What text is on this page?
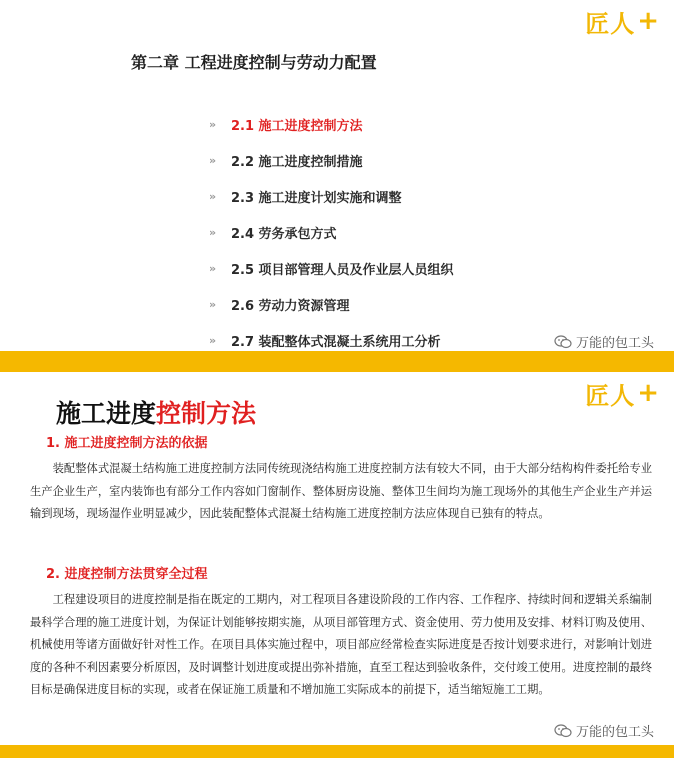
匠人 +
第二章 工程进度控制与劳动力配置
»	2.1 施工进度控制方法
»	2.2 施工进度控制措施
»	2.3 施工进度计划实施和调整
»	2.4 劳务承包方式
»	2.5 项目部管理人员及作业层人员组织
»	2.6 劳动力资源管理
»	2.7 装配整体式混凝土系统用工分析	万能的包工头
匠人 +
施工进度控制方法
1. 施工进度控制方法的依据

装配整体式混凝土结构施工进度控制方法同传统现浇结构施工进度控制方法有较大不同，由于大部分结构构件委托给专业生产企业生产，室内装饰也有部分工作内容如门窗制作、整体厨房设施、整体卫生间均为施工现场外的其他生产企业生产并运输到现场，现场湿作业明显减少，因此装配整体式混凝土结构施工进度控制方法应体现自已独有的特点。

2. 进度控制方法贯穿全过程

工程建设项目的进度控制是指在既定的工期内，对工程项目各建设阶段的工作内容、工作程序、持续时间和逻辑关系编制最科学合理的施工进度计划，为保证计划能够按期实施，从项目部管理方式、资金使用、劳力使用及安排、材料订购及使用、机械使用等诸方面做好针对性工作。在项目具体实施过程中，项目部应经常检查实际进度是否按计划要求进行，对影响计划进度的各种不利因素要分析原因，及时调整计划进度或提出弥补措施，直至工程达到验收条件，交付竣工使用。进度控制的最终目标是确保进度目标的实现，或者在保证施工质量和不增加施工实际成本的前提下，适当缩短施工工期。

万能的包工头
